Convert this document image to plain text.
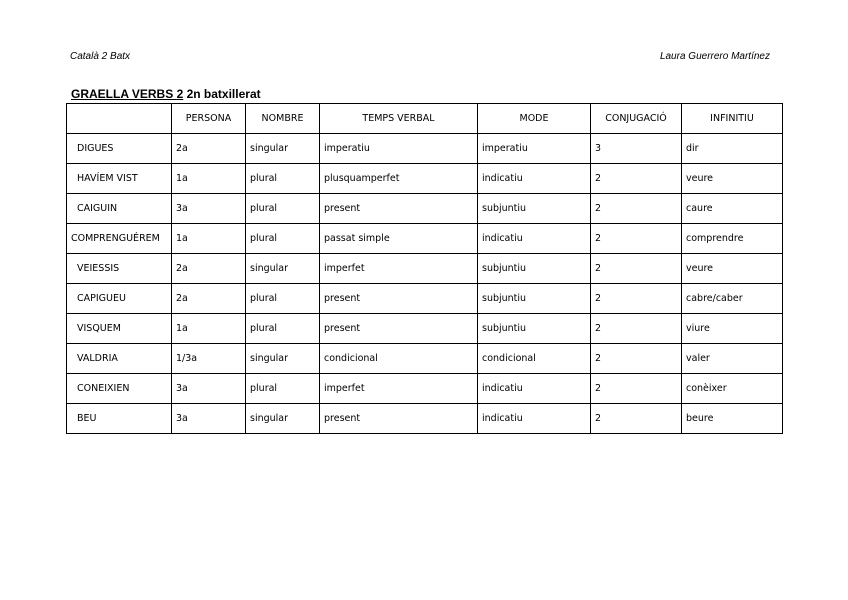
Català 2 Batx	Laura Guerrero Martínez
GRAELLA VERBS 2 2n batxillerat
	PERSONA	NOMBRE	TEMPS VERBAL	MODE	CONJUGACIÓ	INFINITIU
DIGUES	2a	singular	imperatiu	imperatiu	3	dir
HAVÍEM VIST	1a	plural	plusquamperfet	indicatiu	2	veure
CAIGUIN	3a	plural	present	subjuntiu	2	caure
COMPRENGUÉREM	1a	plural	passat simple	indicatiu	2	comprendre
VEIESSIS	2a	singular	imperfet	subjuntiu	2	veure
CAPIGUEU	2a	plural	present	subjuntiu	2	cabre/caber
VISQUEM	1a	plural	present	subjuntiu	2	viure
VALDRIA	1/3a	singular	condicional	condicional	2	valer
CONEIXIEN	3a	plural	imperfet	indicatiu	2	conèixer
BEU	3a	singular	present	indicatiu	2	beure
